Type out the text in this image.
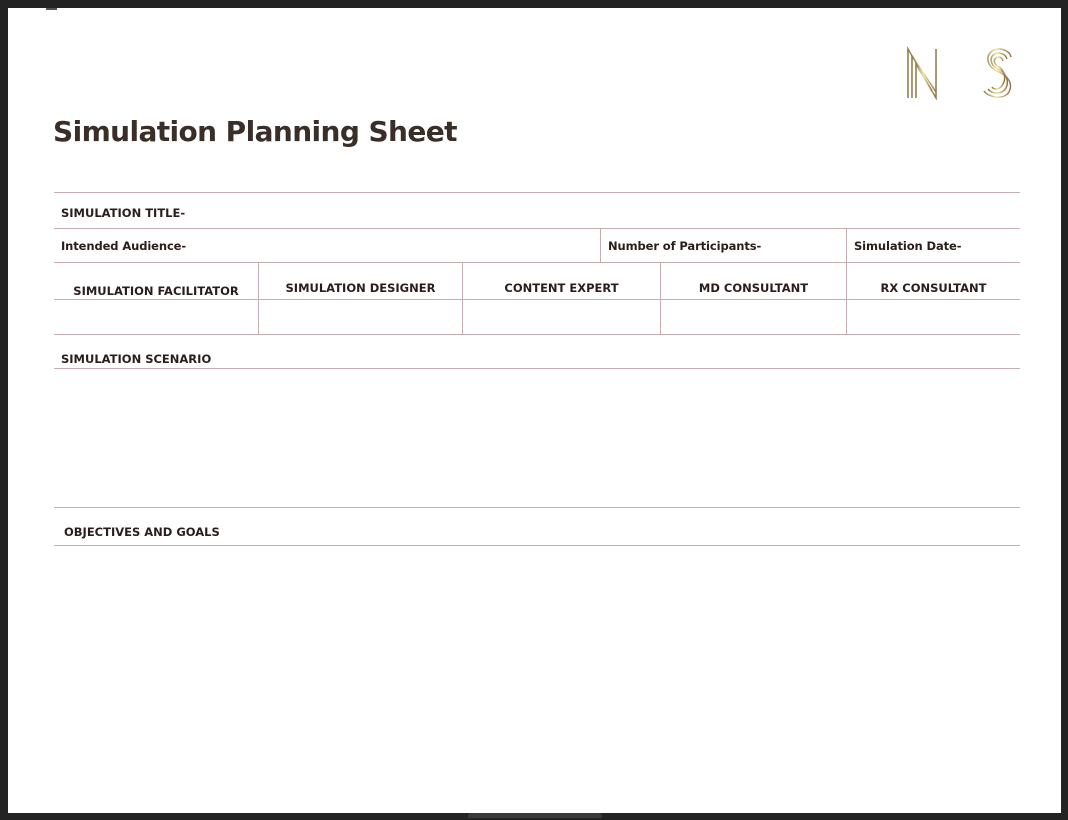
Simulation Planning Sheet
SIMULATION TITLE-
Intended Audience-	Number of Participants-	Simulation Date-
SIMULATION FACILITATOR	SIMULATION DESIGNER	CONTENT EXPERT	MD CONSULTANT	RX CONSULTANT
SIMULATION SCENARIO
OBJECTIVES AND GOALS
